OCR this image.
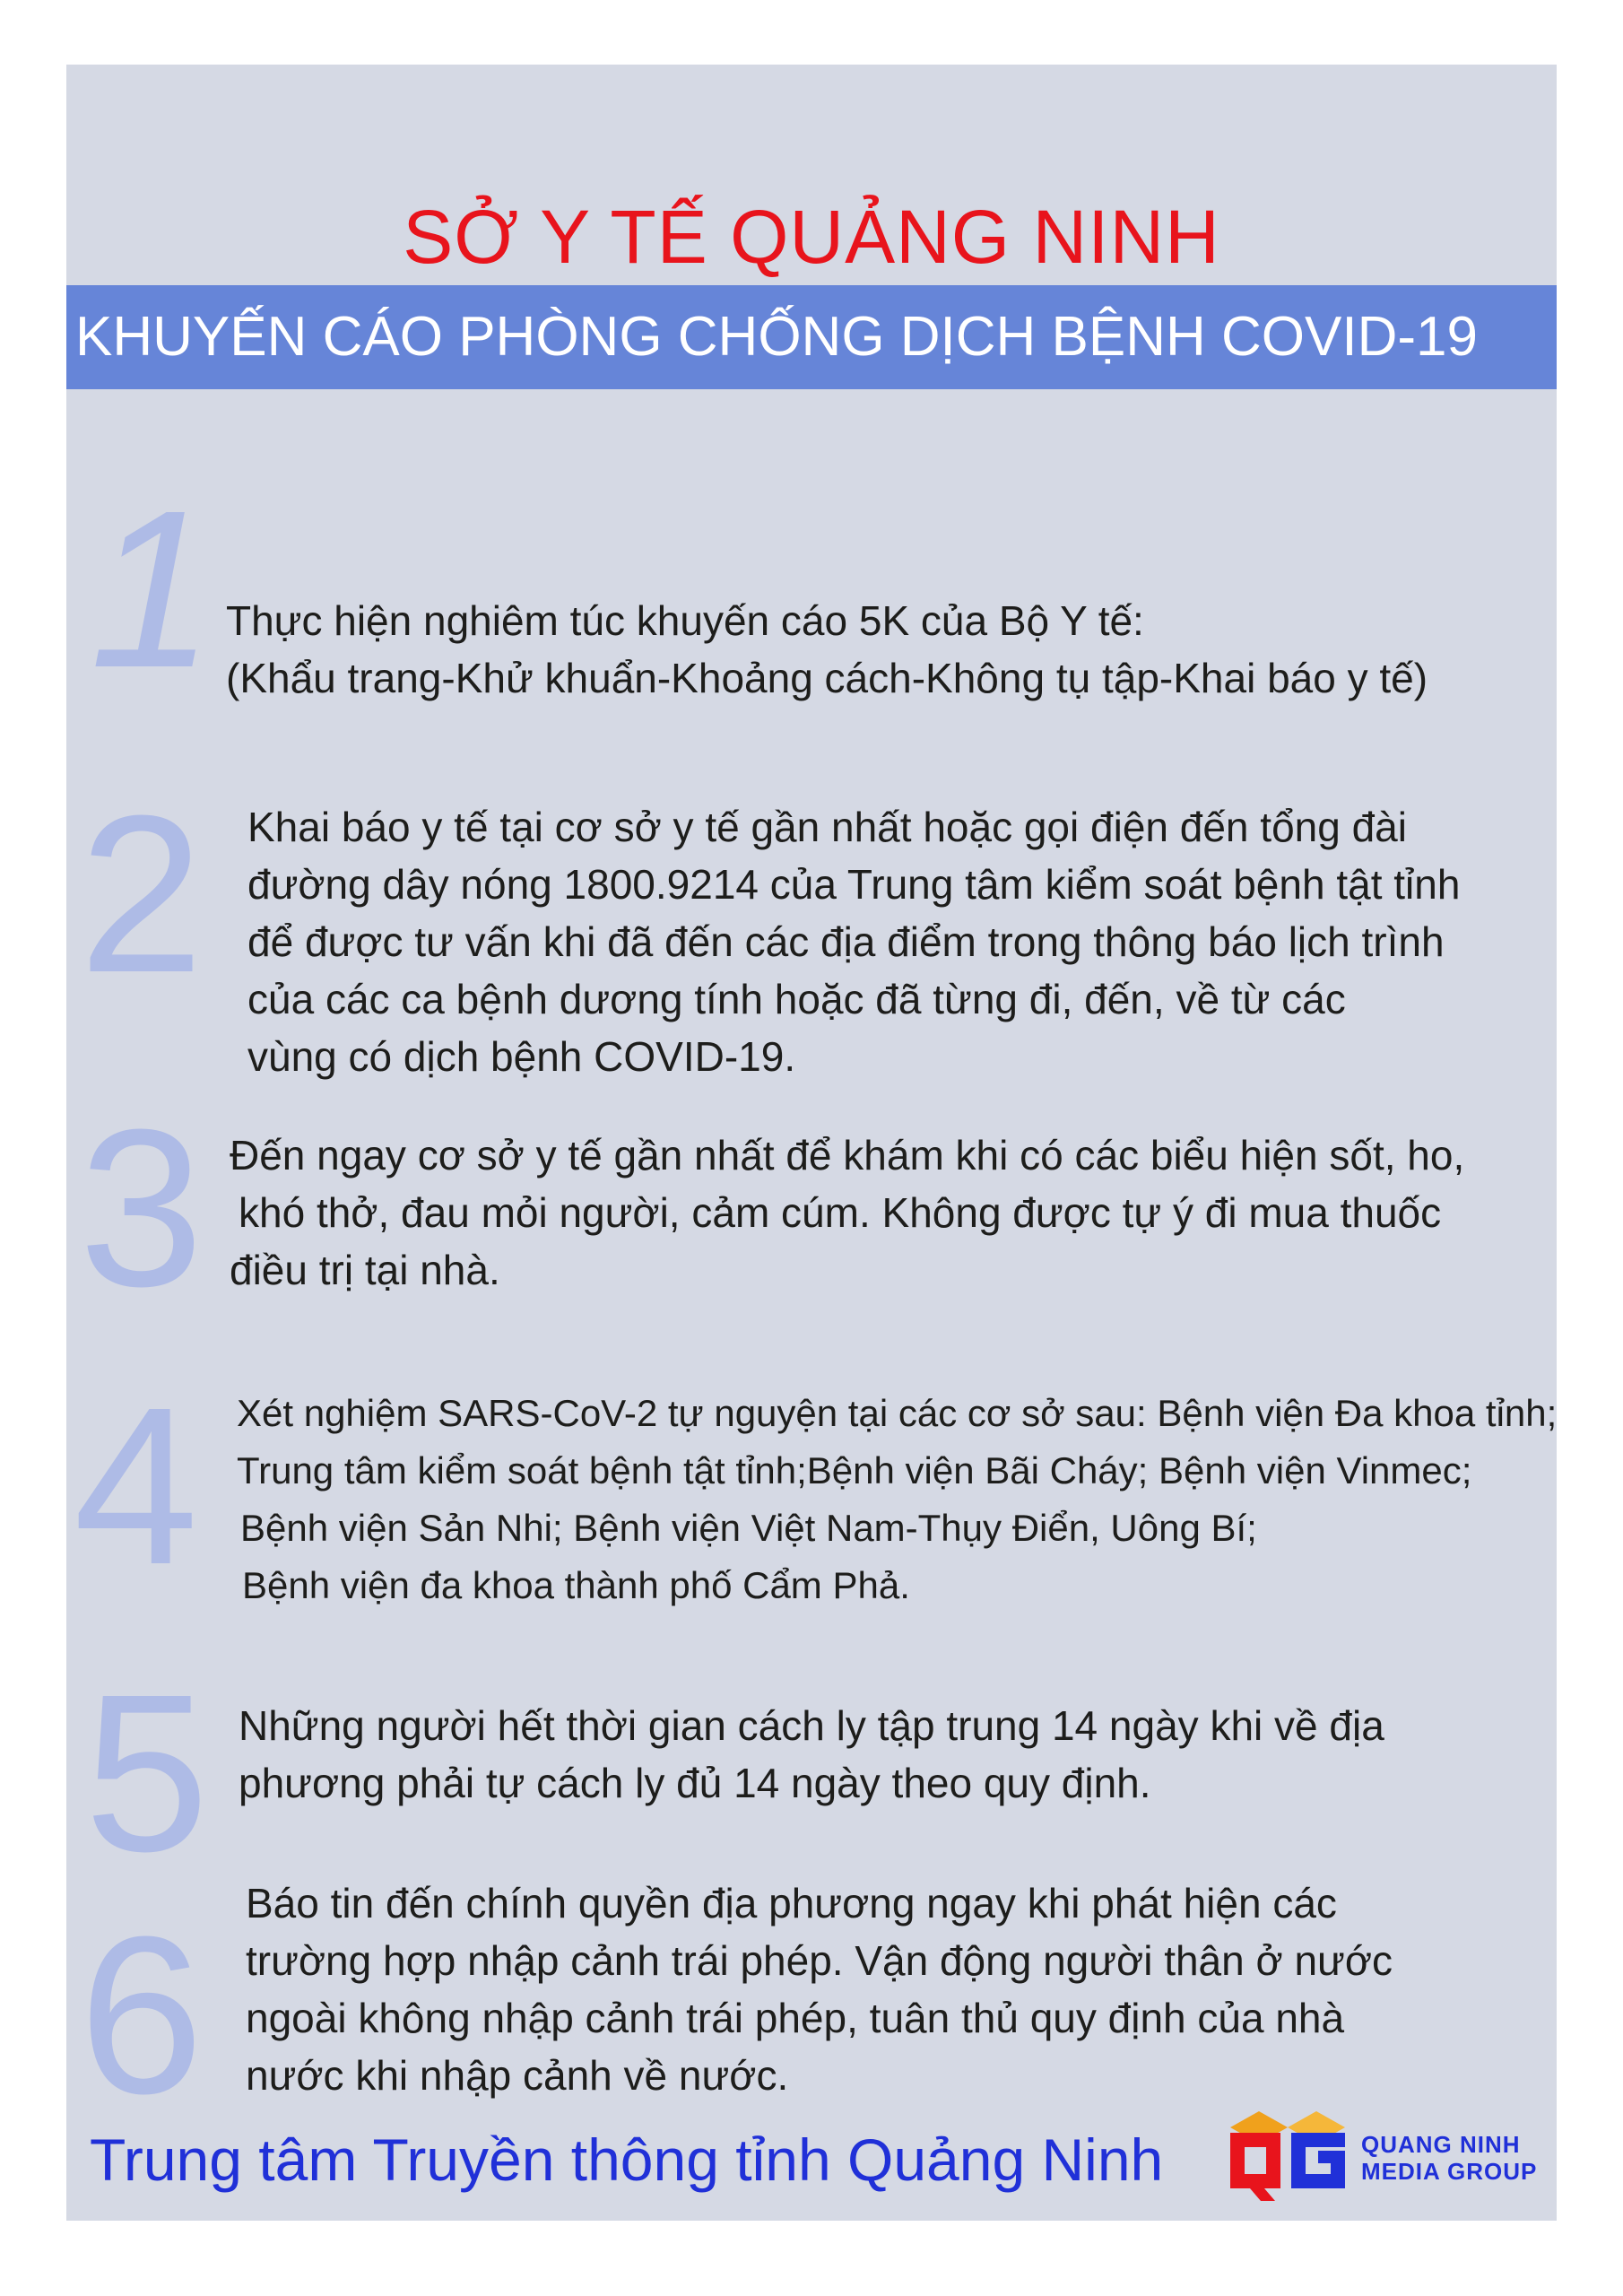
SỞ Y TẾ QUẢNG NINH
KHUYẾN CÁO PHÒNG CHỐNG DỊCH BỆNH COVID-19
1 Thực hiện nghiêm túc khuyến cáo 5K của Bộ Y tế:
(Khẩu trang-Khử khuẩn-Khoảng cách-Không tụ tập-Khai báo y tế)
2 Khai báo y tế tại cơ sở y tế gần nhất hoặc gọi điện đến tổng đài
đường dây nóng 1800.9214 của Trung tâm kiểm soát bệnh tật tỉnh
để được tư vấn khi đã đến các địa điểm trong thông báo lịch trình
của các ca bệnh dương tính hoặc đã từng đi, đến, về từ các
vùng có dịch bệnh COVID-19.
3 Đến ngay cơ sở y tế gần nhất để khám khi có các biểu hiện sốt, ho,
khó thở, đau mỏi người, cảm cúm. Không được tự ý đi mua thuốc
điều trị tại nhà.
4 Xét nghiệm SARS-CoV-2 tự nguyện tại các cơ sở sau: Bệnh viện Đa khoa tỉnh;
Trung tâm kiểm soát bệnh tật tỉnh;Bệnh viện Bãi Cháy; Bệnh viện Vinmec;
Bệnh viện Sản Nhi; Bệnh viện Việt Nam-Thụy Điển, Uông Bí;
Bệnh viện đa khoa thành phố Cẩm Phả.
5 Những người hết thời gian cách ly tập trung 14 ngày khi về địa
phương phải tự cách ly đủ 14 ngày theo quy định.
6 Báo tin đến chính quyền địa phương ngay khi phát hiện các
trường hợp nhập cảnh trái phép. Vận động người thân ở nước
ngoài không nhập cảnh trái phép, tuân thủ quy định của nhà
nước khi nhập cảnh về nước.
Trung tâm Truyền thông tỉnh Quảng Ninh	QUANG NINH
MEDIA GROUP
